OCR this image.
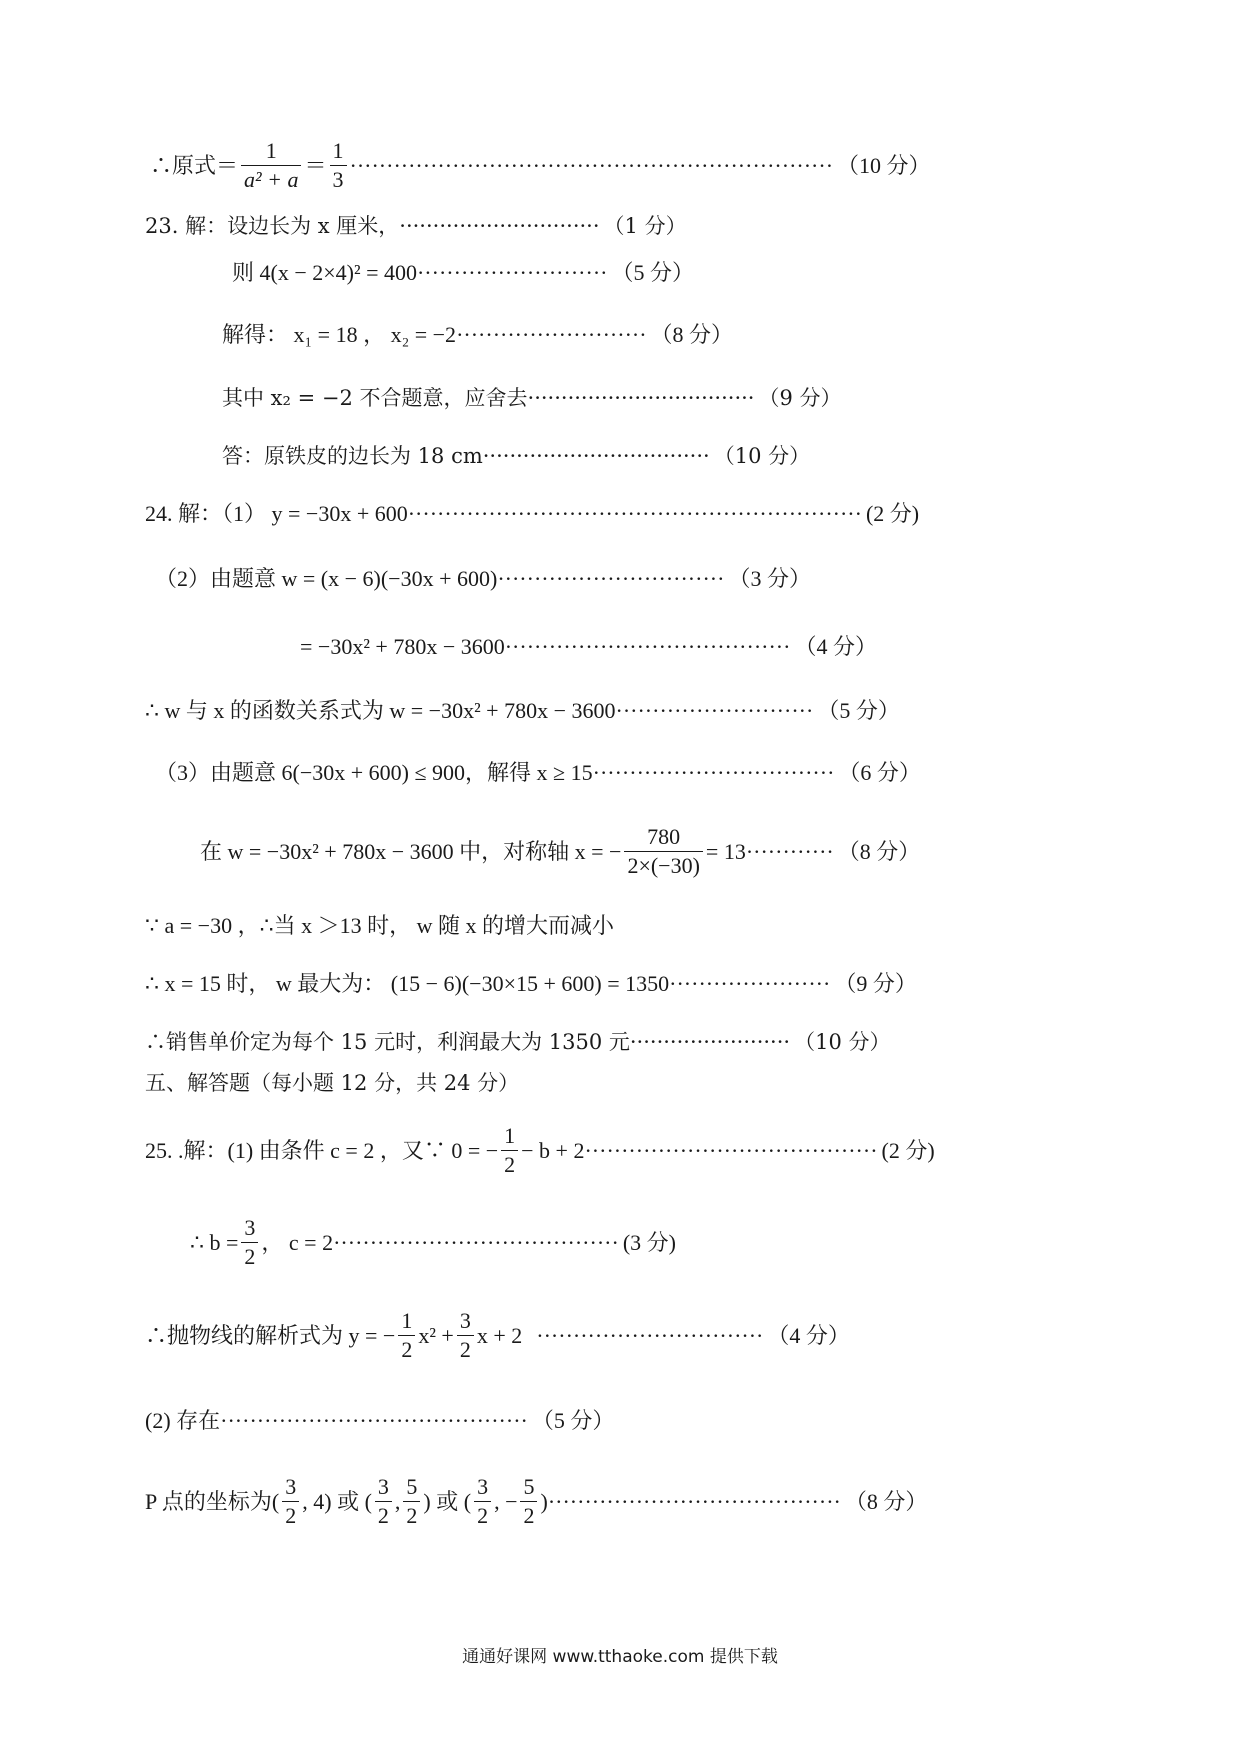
∴原式 ＝ $\frac{1}{\text{a² + a}} = \frac{1}{3}$ ·································································· （10 分）
23. 解：设边长为 x 厘米， ······························ （1 分）
则 4(x − 2×4)² = 400 ·························· （5 分）
解得： x₁ = 18 ， x₂ = −2 ·························· （8 分）
其中 x₂ = −2 不合题意，应舍去 ·································· （9 分）
答：原铁皮的边长为 18 cm ·································· （10 分）
24. 解：（1） y = −30x + 600 ······························································ (2 分)
（2）由题意 w = (x − 6)(−30x + 600) ······························· （3 分）
= −30x² + 780x − 3600 ······································· （4 分）
∴ w 与 x 的函数关系式为 w = −30x² + 780x − 3600 ··························· （5 分）
（3）由题意 6(−30x + 600) ≤ 900，解得 x ≥ 15 ································· （6 分）
在 w = −30x² + 780x − 3600 中，对称轴 x = − $\frac{780}{2\times(-30)} = 13$ ············ （8 分）
∵ a = −30 ，∴当 x ＞13 时， w 随 x 的增大而减小
∴ x = 15 时， w 最大为： (15 − 6)(−30×15 + 600) = 1350 ······················ （9 分）
∴销售单价定为每个 15 元时，利润最大为 1350 元 ························ （10 分）
五、解答题（每小题 12 分，共 24 分）
25. .解：(1) 由条件 c = 2 ，又∵ 0 = − $\frac{1}{2} - b + 2$ ········································ (2 分)
∴ $b = \frac{3}{2}$ ， c = 2 ······································· (3 分)
∴抛物线的解析式为 y = − $\frac{1}{2} x^2 + \frac{3}{2}$ x + 2 ······························· （4 分）
(2) 存在 ·········································· （5 分）
P 点的坐标为( $\frac{3}{2}$ , 4) 或 ( $\frac{3}{2}$ , $\frac{5}{2}$ ) 或 ( $\frac{3}{2}$ , − $\frac{5}{2}$ ) ········································ （8 分）
通通好课网 www.tthaoke.com 提供下载
